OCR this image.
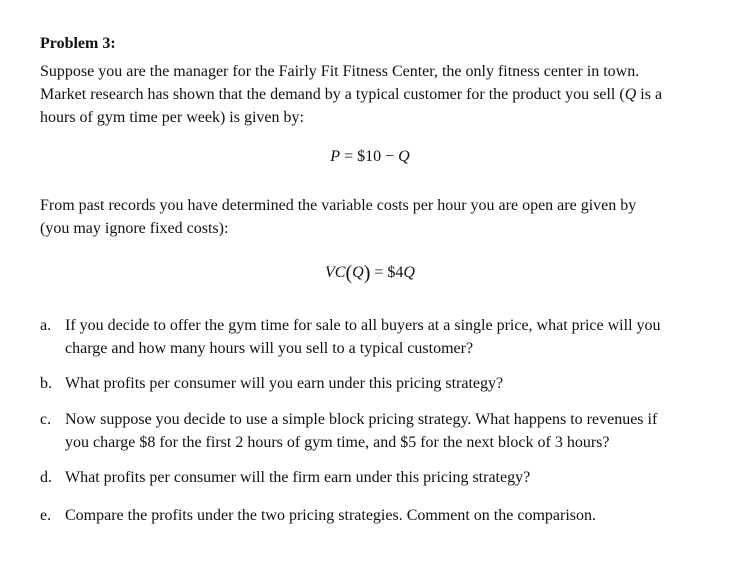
Problem 3:
Suppose you are the manager for the Fairly Fit Fitness Center, the only fitness center in town.
Market research has shown that the demand by a typical customer for the product you sell (Q is a
hours of gym time per week) is given by:
P = $10 − Q
From past records you have determined the variable costs per hour you are open are given by
(you may ignore fixed costs):
VC(Q) = $4Q
a. If you decide to offer the gym time for sale to all buyers at a single price, what price will you
charge and how many hours will you sell to a typical customer?
b. What profits per consumer will you earn under this pricing strategy?
c. Now suppose you decide to use a simple block pricing strategy. What happens to revenues if
you charge $8 for the first 2 hours of gym time, and $5 for the next block of 3 hours?
d. What profits per consumer will the firm earn under this pricing strategy?
e. Compare the profits under the two pricing strategies. Comment on the comparison.
